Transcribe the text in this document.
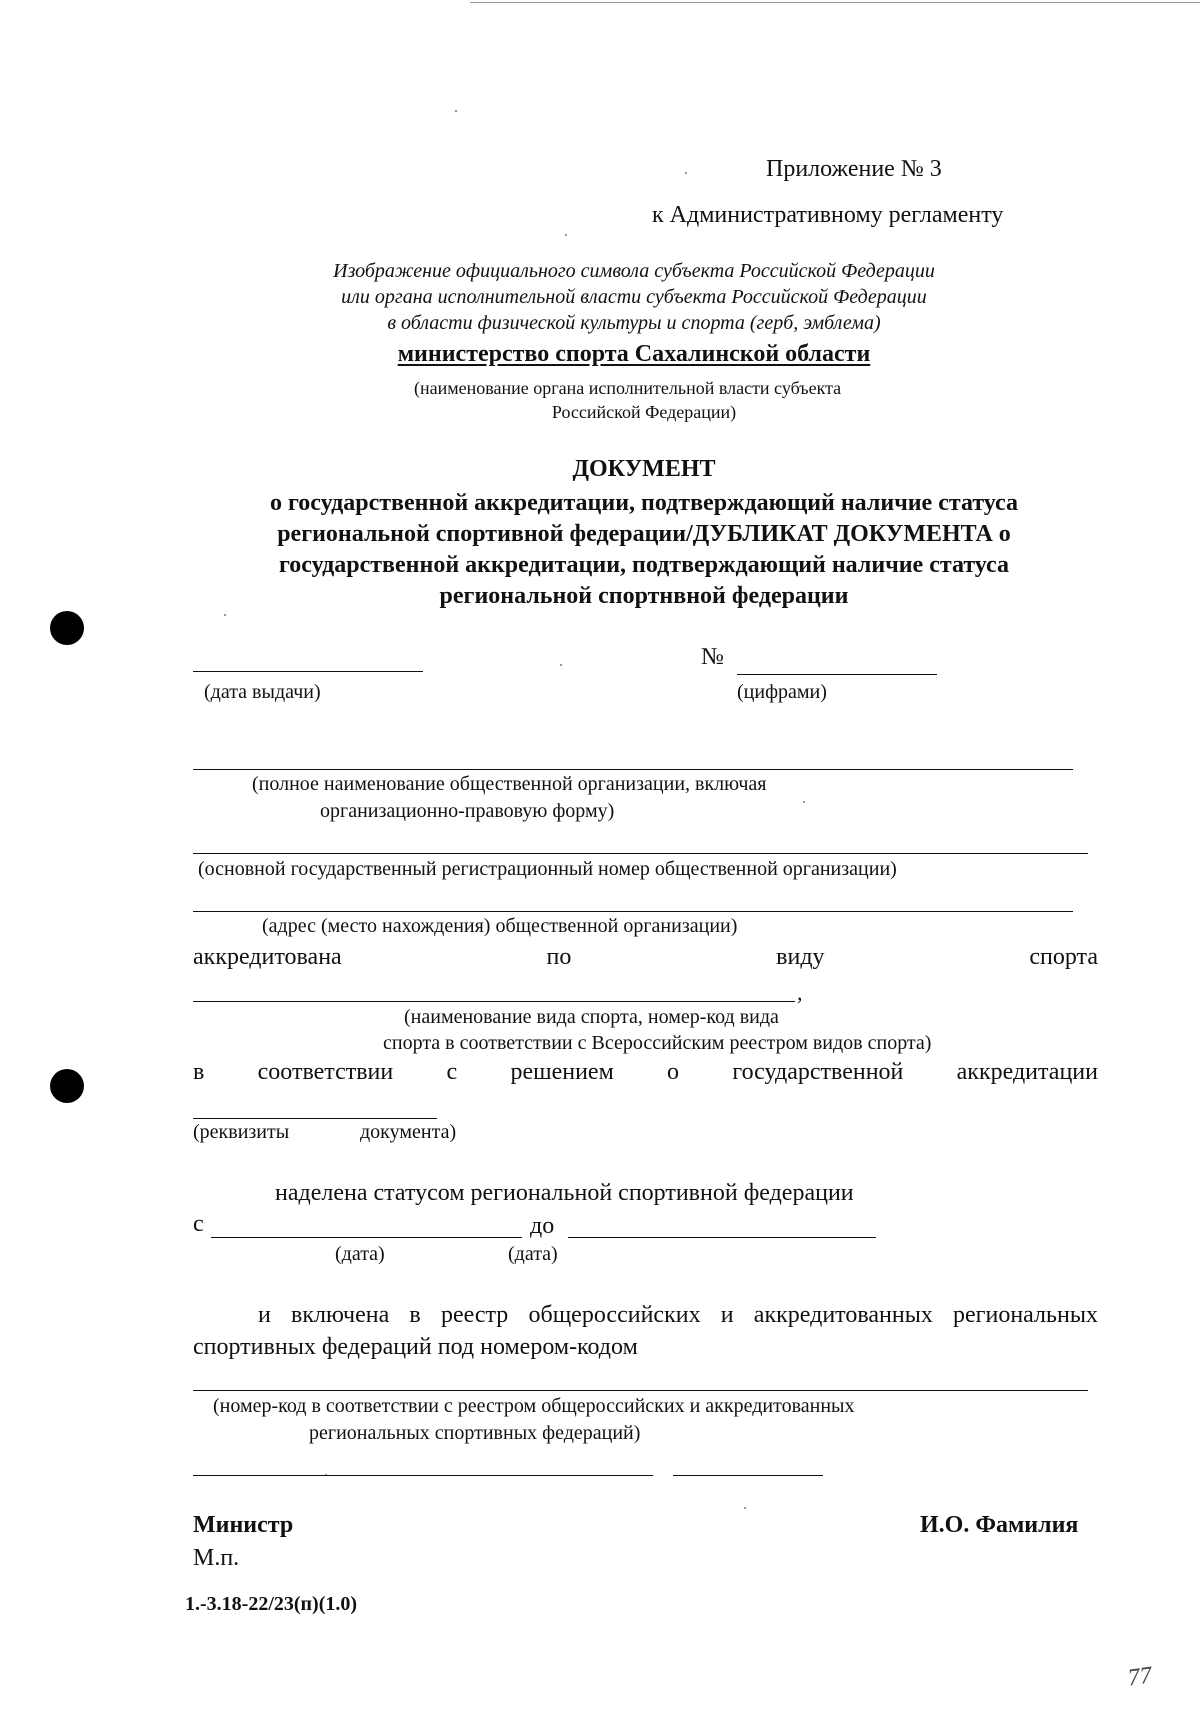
Приложение № 3
к Административному регламенту
Изображение официального символа субъекта Российской Федерации
или органа исполнительной власти субъекта Российской Федерации
в области физической культуры и спорта (герб, эмблема)
министерство спорта Сахалинской области
(наименование органа исполнительной власти субъекта
Российской Федерации)
ДОКУМЕНТ
о государственной аккредитации, подтверждающий наличие статуса
региональной спортивной федерации/ДУБЛИКАТ ДОКУМЕНТА о
государственной аккредитации, подтверждающий наличие статуса
региональной спортнвной федерации
№
(дата выдачи)	(цифрами)
(полное наименование общественной организации, включая
организационно-правовую форму)
(основной государственный регистрационный номер общественной организации)
(адрес (место нахождения) общественной организации)
аккредитована	по	виду	спорта
,
(наименование вида спорта, номер-код вида
спорта в соответствии с Всероссийским реестром видов спорта)
в соответствии с решением о государственной аккредитации
(реквизиты	документа)
наделена статусом региональной спортивной федерации
с	до
(дата)	(дата)
и включена в реестр общероссийских и аккредитованных региональных
спортивных федераций под номером-кодом
(номер-код в соответствии с реестром общероссийских и аккредитованных
региональных спортивных федераций)
Министр	И.О. Фамилия
М.п.
1.-3.18-22/23(п)(1.0)
77
